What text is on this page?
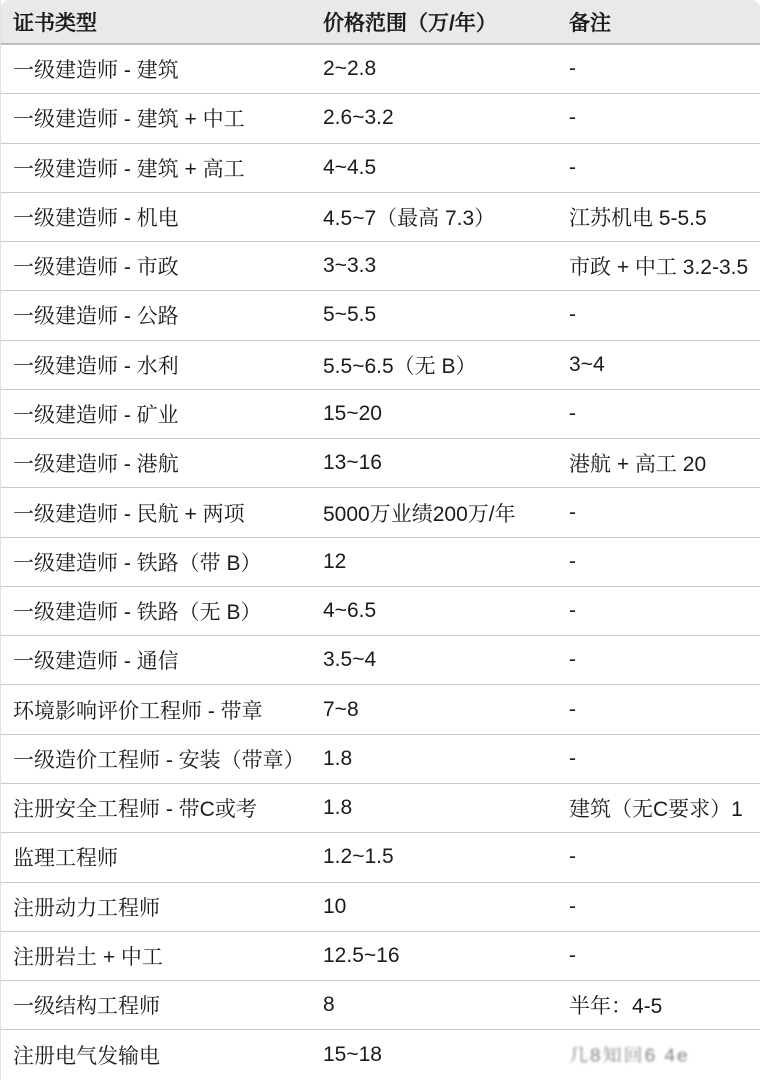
证书类型	价格范围（万/年）	备注
一级建造师 - 建筑	2~2.8	-
一级建造师 - 建筑 + 中工	2.6~3.2	-
一级建造师 - 建筑 + 高工	4~4.5	-
一级建造师 - 机电	4.5~7（最高 7.3）	江苏机电 5-5.5
一级建造师 - 市政	3~3.3	市政 + 中工 3.2-3.5
一级建造师 - 公路	5~5.5	-
一级建造师 - 水利	5.5~6.5（无 B）	3~4
一级建造师 - 矿业	15~20	-
一级建造师 - 港航	13~16	港航 + 高工 20
一级建造师 - 民航 + 两项	5000万业绩200万/年	-
一级建造师 - 铁路（带 B）	12	-
一级建造师 - 铁路（无 B）	4~6.5	-
一级建造师 - 通信	3.5~4	-
环境影响评价工程师 - 带章	7~8	-
一级造价工程师 - 安装（带章） 1.8	-
注册安全工程师 - 带C或考	1.8	建筑（无C要求）1
监理工程师	1.2~1.5	-
注册动力工程师	10	-
注册岩土 + 中工	12.5~16	-
一级结构工程师	8	半年：4-5
注册电气发输电	15~18	几8知回6 4e
